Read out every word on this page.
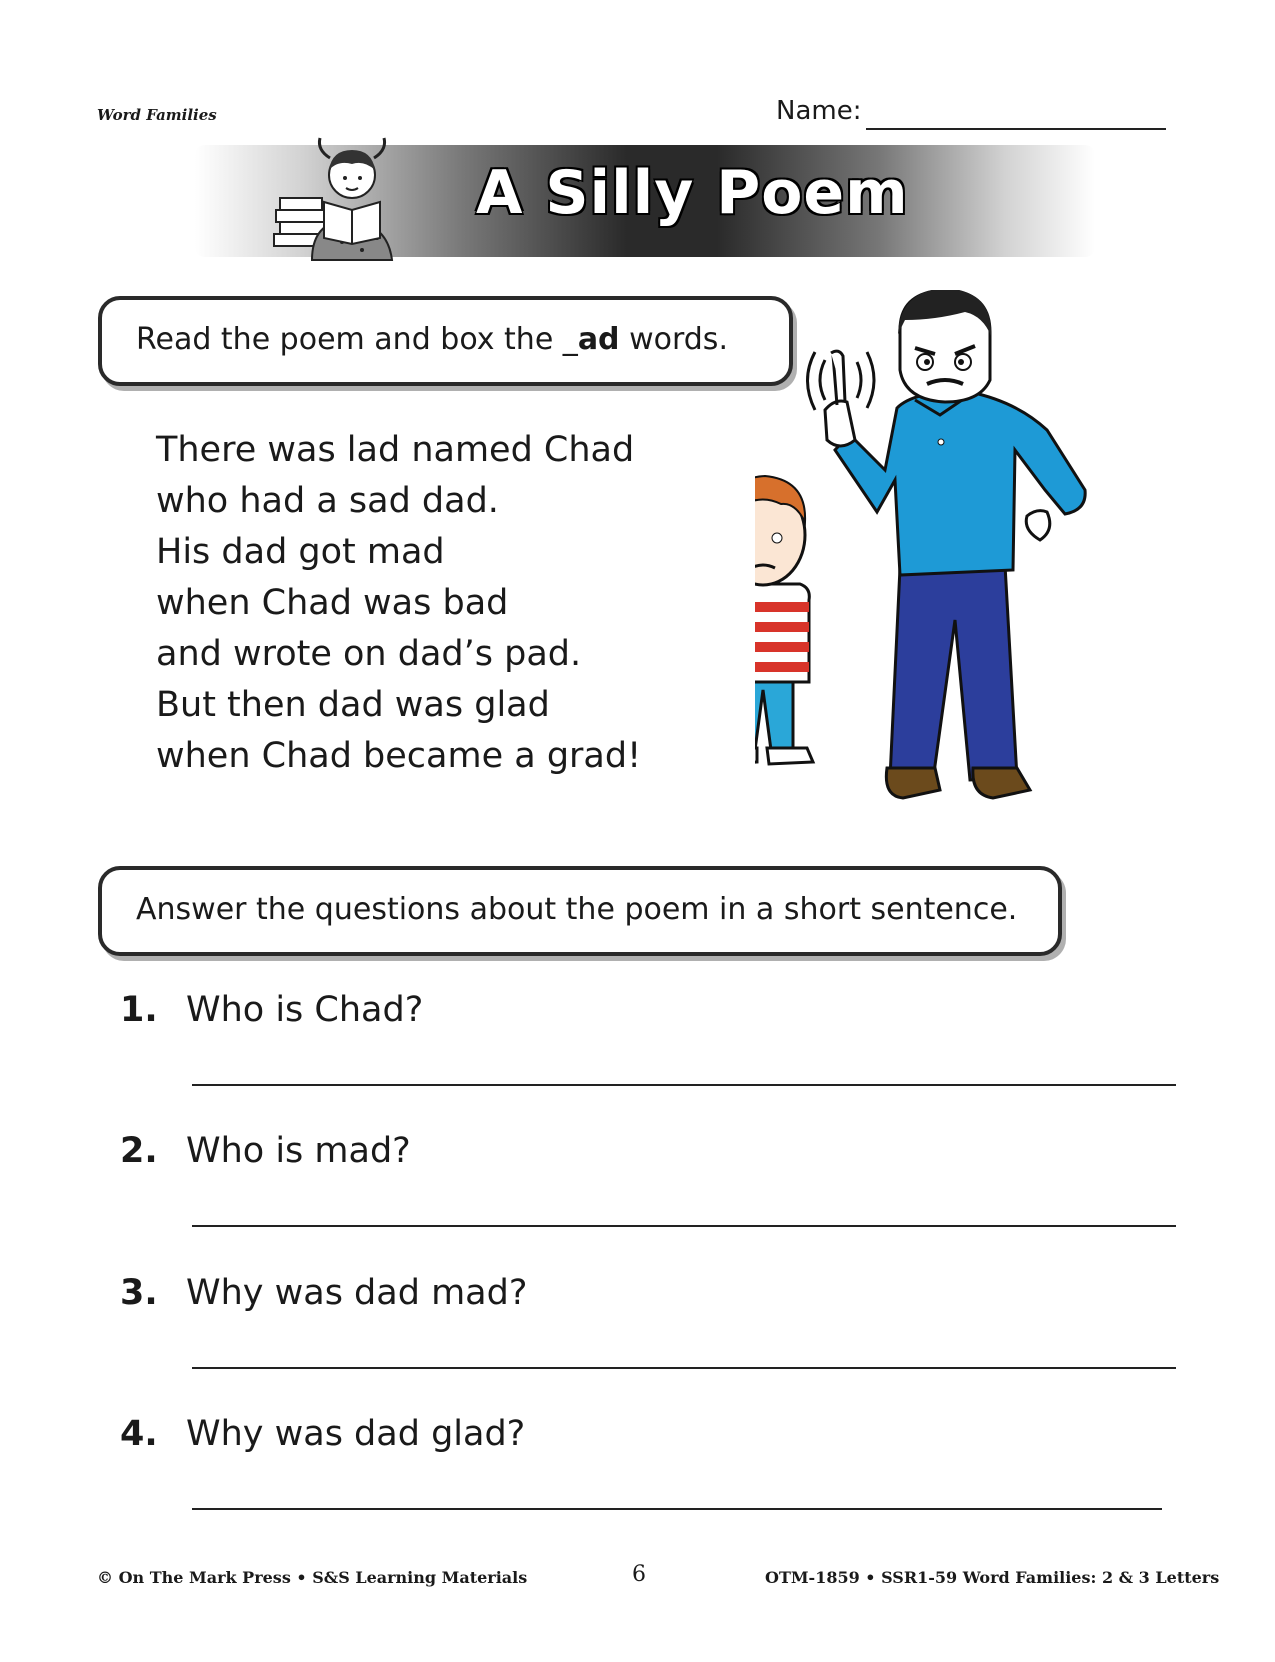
Word Families	Name:
A Silly Poem
Read the poem and box the _ad words.
There was lad named Chad
who had a sad dad.
His dad got mad
when Chad was bad
and wrote on dad’s pad.
But then dad was glad
when Chad became a grad!
Answer the questions about the poem in a short sentence.
1. Who is Chad?
2. Who is mad?
3. Why was dad mad?
4. Why was dad glad?
© On The Mark Press • S&S Learning Materials	6	OTM-1859 • SSR1-59 Word Families: 2 & 3 Letters
